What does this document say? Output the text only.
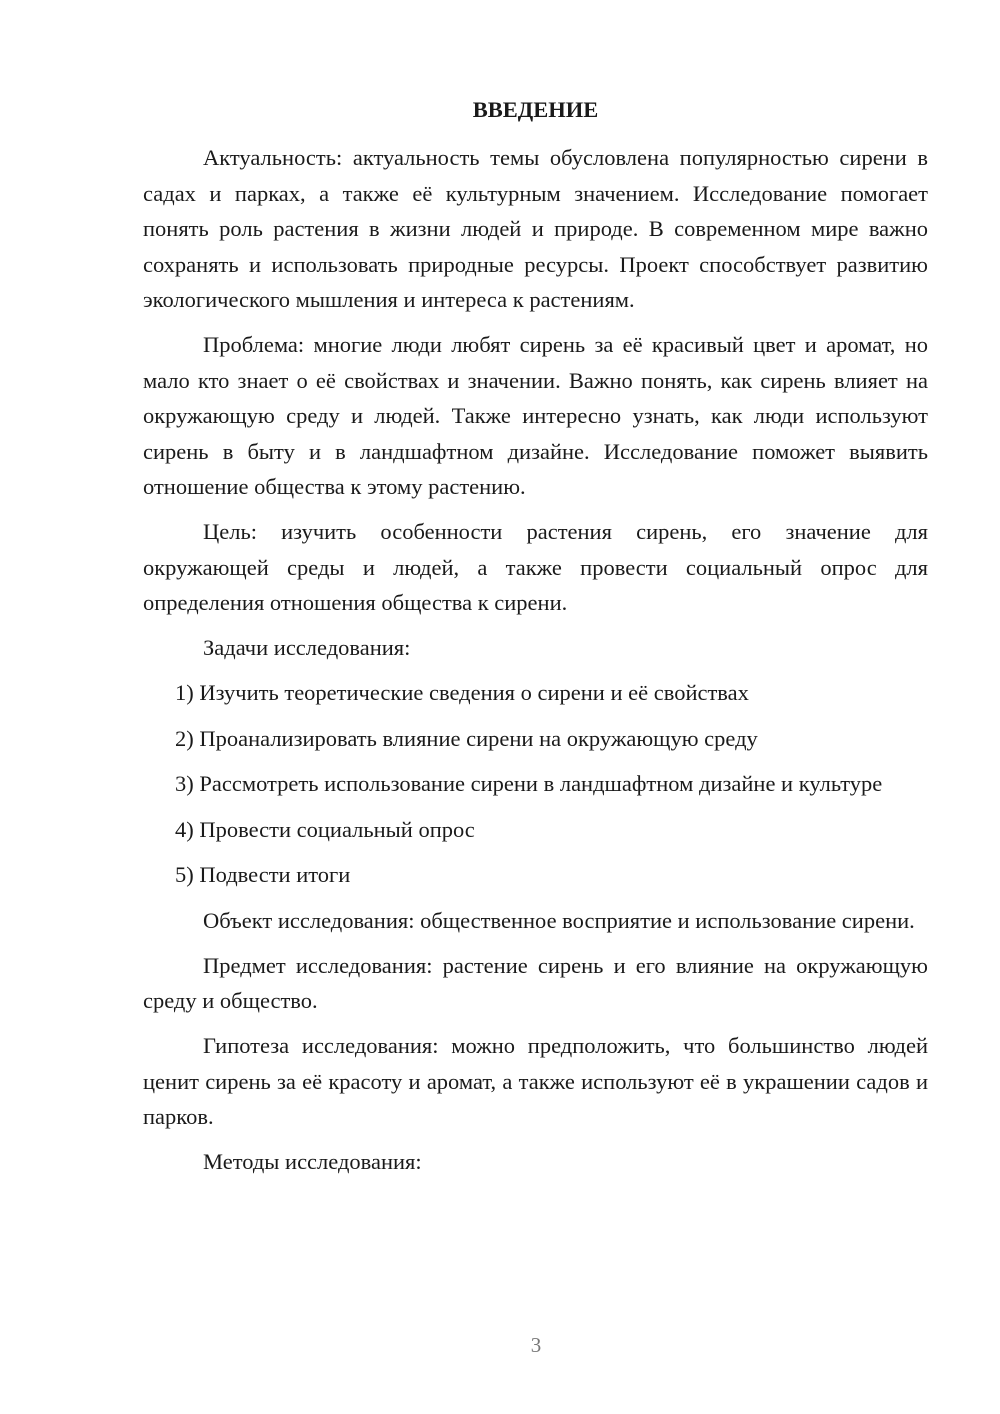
ВВЕДЕНИЕ

Актуальность: актуальность темы обусловлена популярностью сирени в садах и парках, а также её культурным значением. Исследование помогает понять роль растения в жизни людей и природе. В современном мире важно сохранять и использовать природные ресурсы. Проект способствует развитию экологического мышления и интереса к растениям.

Проблема: многие люди любят сирень за её красивый цвет и аромат, но мало кто знает о её свойствах и значении. Важно понять, как сирень влияет на окружающую среду и людей. Также интересно узнать, как люди используют сирень в быту и в ландшафтном дизайне. Исследование поможет выявить отношение общества к этому растению.

Цель: изучить особенности растения сирень, его значение для окружающей среды и людей, а также провести социальный опрос для определения отношения общества к сирени.

Задачи исследования:

1) Изучить теоретические сведения о сирени и её свойствах

2) Проанализировать влияние сирени на окружающую среду

3) Рассмотреть использование сирени в ландшафтном дизайне и культуре

4) Провести социальный опрос

5) Подвести итоги

Объект исследования: общественное восприятие и использование сирени.

Предмет исследования: растение сирень и его влияние на окружающую среду и общество.

Гипотеза исследования: можно предположить, что большинство людей ценит сирень за её красоту и аромат, а также используют её в украшении садов и парков.

Методы исследования:

3
